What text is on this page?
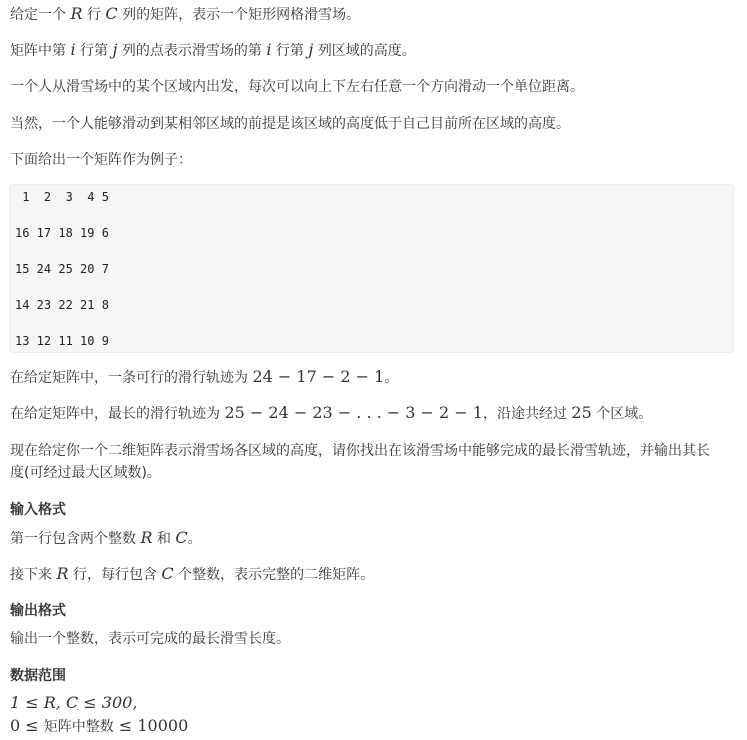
给定一个 R 行 C 列的矩阵，表示一个矩形网格滑雪场。
矩阵中第 i 行第 j 列的点表示滑雪场的第 i 行第 j 列区域的高度。
一个人从滑雪场中的某个区域内出发，每次可以向上下左右任意一个方向滑动一个单位距离。
当然，一个人能够滑动到某相邻区域的前提是该区域的高度低于自己目前所在区域的高度。
下面给出一个矩阵作为例子：
1  2  3  4 5
16 17 18 19 6
15 24 25 20 7
14 23 22 21 8
13 12 11 10 9
在给定矩阵中，一条可行的滑行轨迹为 24 − 17 − 2 − 1。
在给定矩阵中，最长的滑行轨迹为 25 − 24 − 23 − . . . − 3 − 2 − 1，沿途共经过 25 个区域。
现在给定你一个二维矩阵表示滑雪场各区域的高度，请你找出在该滑雪场中能够完成的最长滑雪轨迹，并输出其长
度(可经过最大区域数)。
输入格式
第一行包含两个整数 R 和 C。
接下来 R 行，每行包含 C 个整数，表示完整的二维矩阵。
输出格式
输出一个整数，表示可完成的最长滑雪长度。
数据范围
1 ≤ R, C ≤ 300,
0 ≤ 矩阵中整数 ≤ 10000
